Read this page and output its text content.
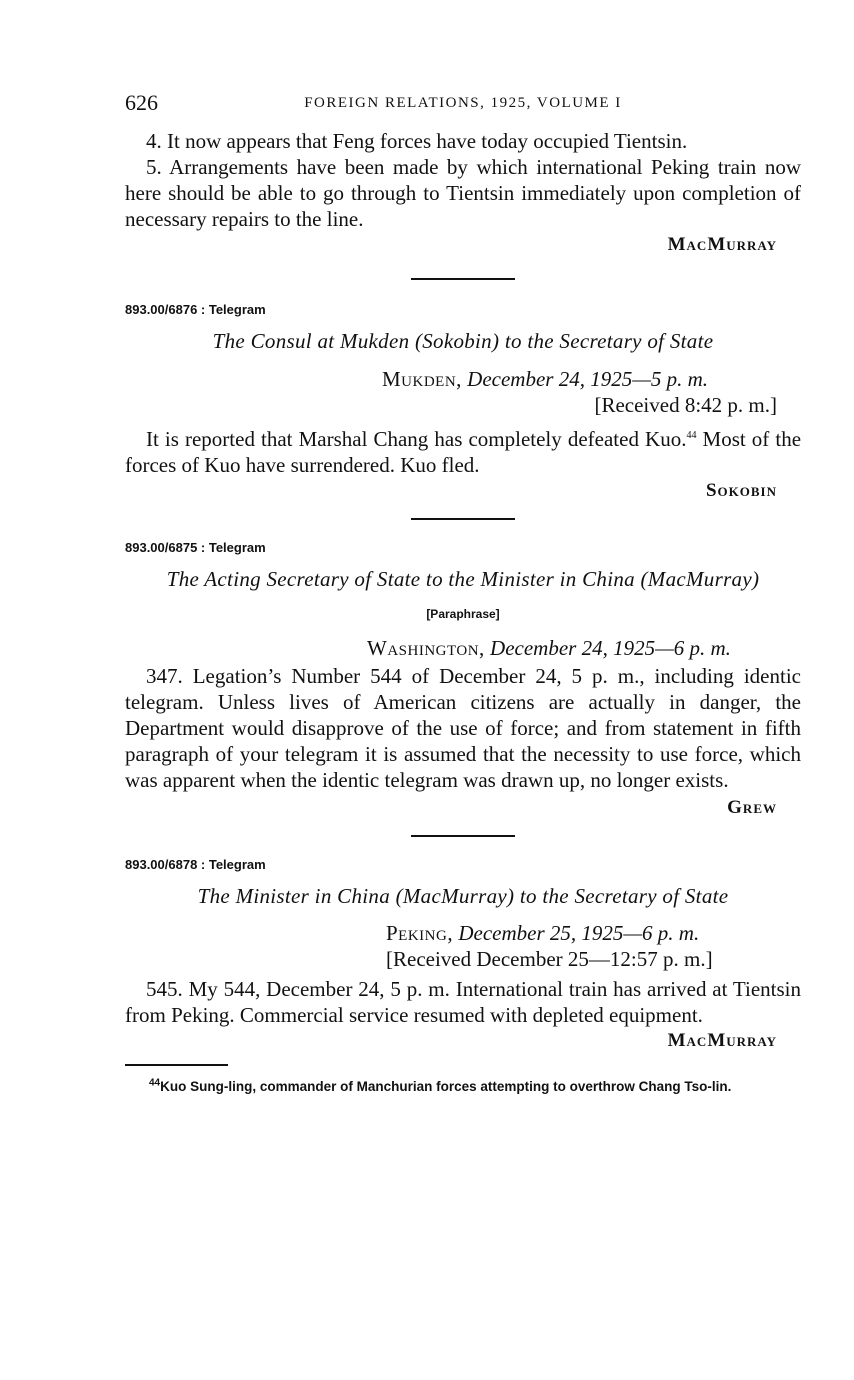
626	FOREIGN RELATIONS, 1925, VOLUME I

4. It now appears that Feng forces have today occupied Tientsin.

5. Arrangements have been made by which international Peking train now here should be able to go through to Tientsin immediately upon completion of necessary repairs to the line.

MacMurray
893.00/6876 : Telegram
The Consul at Mukden (Sokobin) to the Secretary of State
Mukden, December 24, 1925—5 p. m.
[Received 8:42 p. m.]

It is reported that Marshal Chang has completely defeated Kuo.$^{44}$ Most of the forces of Kuo have surrendered. Kuo fled.

Sokobin
893.00/6875 : Telegram
The Acting Secretary of State to the Minister in China (MacMurray)
[Paraphrase]
Washington, December 24, 1925—6 p. m.

347. Legation’s Number 544 of December 24, 5 p. m., including identic telegram. Unless lives of American citizens are actually in danger, the Department would disapprove of the use of force; and from statement in fifth paragraph of your telegram it is assumed that the necessity to use force, which was apparent when the identic telegram was drawn up, no longer exists.

Grew
893.00/6878 : Telegram
The Minister in China (MacMurray) to the Secretary of State
Peking, December 25, 1925—6 p. m.
[Received December 25—12:57 p. m.]

545. My 544, December 24, 5 p. m. International train has arrived at Tientsin from Peking. Commercial service resumed with depleted equipment.

MacMurray
$^{44}$Kuo Sung-ling, commander of Manchurian forces attempting to overthrow Chang Tso-lin.
